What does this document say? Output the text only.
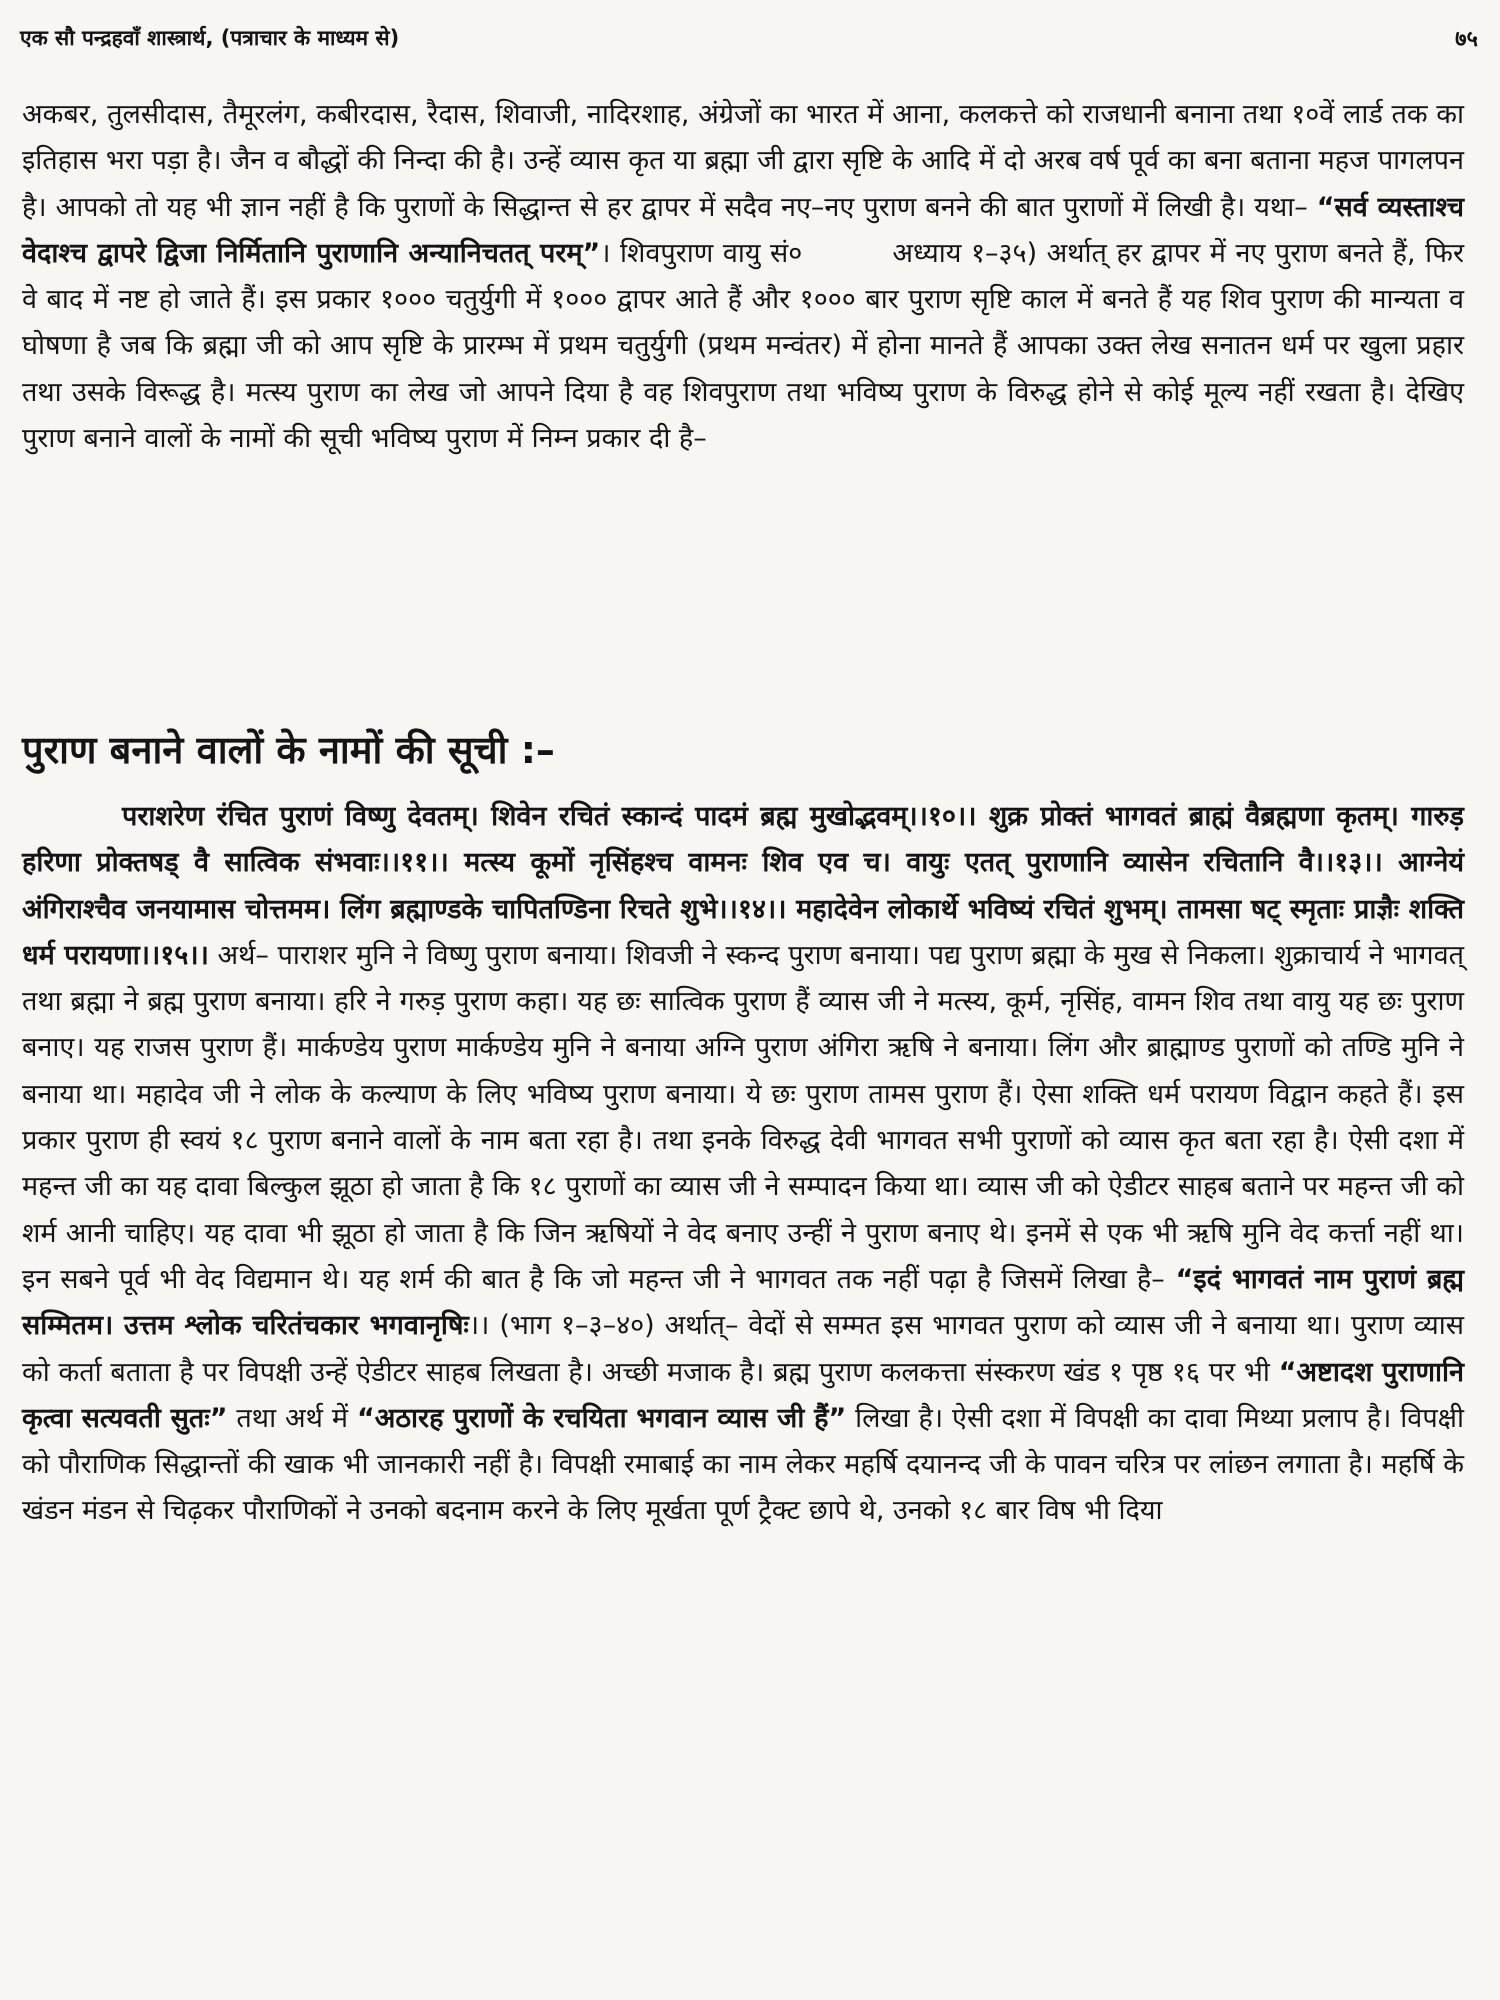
एक सौ पन्द्रहवाँ शास्त्रार्थ, (पत्राचार के माध्यम से)	७५

अकबर, तुलसीदास, तैमूरलंग, कबीरदास, रैदास, शिवाजी, नादिरशाह, अंग्रेजों का भारत में आना, कलकत्ते को राजधानी बनाना तथा १०वें लार्ड तक का इतिहास भरा पड़ा है। जैन व बौद्धों की निन्दा की है। उन्हें व्यास कृत या ब्रह्मा जी द्वारा सृष्टि के आदि में दो अरब वर्ष पूर्व का बना बताना महज पागलपन है। आपको तो यह भी ज्ञान नहीं है कि पुराणों के सिद्धान्त से हर द्वापर में सदैव नए–नए पुराण बनने की बात पुराणों में लिखी है। यथा– “सर्व व्यस्ताश्च वेदाश्च द्वापरे द्विजा निर्मितानि पुराणानि अन्यानिचतत् परम्”। शिवपुराण वायु सं०	अध्याय १–३५) अर्थात् हर द्वापर में नए पुराण बनते हैं, फिर वे बाद में नष्ट हो जाते हैं। इस प्रकार १००० चतुर्युगी में १००० द्वापर आते हैं और १००० बार पुराण सृष्टि काल में बनते हैं यह शिव पुराण की मान्यता व घोषणा है जब कि ब्रह्मा जी को आप सृष्टि के प्रारम्भ में प्रथम चतुर्युगी (प्रथम मन्वंतर) में होना मानते हैं आपका उक्त लेख सनातन धर्म पर खुला प्रहार तथा उसके विरूद्ध है। मत्स्य पुराण का लेख जो आपने दिया है वह शिवपुराण तथा भविष्य पुराण के विरुद्ध होने से कोई मूल्य नहीं रखता है। देखिए पुराण बनाने वालों के नामों की सूची भविष्य पुराण में निम्न प्रकार दी है–

पुराण बनाने वालों के नामों की सूची :–

पराशरेण रंचित पुराणं विष्णु देवतम्। शिवेन रचितं स्कान्दं पादमं ब्रह्म मुखोद्भवम्।।१०।। शुक्र प्रोक्तं भागवतं ब्राह्मं वैब्रह्मणा कृतम्। गारुड़ हरिणा प्रोक्तषड् वै सात्विक संभवाः।।११।। मत्स्य कूमों नृसिंहश्च वामनः शिव एव च। वायुः एतत् पुराणानि व्यासेन रचितानि वै।।१३।। आग्नेयं अंगिराश्चैव जनयामास चोत्तमम। लिंग ब्रह्माण्डके चापितण्डिना रिचते शुभे।।१४।। महादेवेन लोकार्थे भविष्यं रचितं शुभम्। तामसा षट् स्मृताः प्राज्ञैः शक्ति धर्म परायणा।।१५।। अर्थ– पाराशर मुनि ने विष्णु पुराण बनाया। शिवजी ने स्कन्द पुराण बनाया। पद्य पुराण ब्रह्मा के मुख से निकला। शुक्राचार्य ने भागवत् तथा ब्रह्मा ने ब्रह्म पुराण बनाया। हरि ने गरुड़ पुराण कहा। यह छः सात्विक पुराण हैं व्यास जी ने मत्स्य, कूर्म, नृसिंह, वामन शिव तथा वायु यह छः पुराण बनाए। यह राजस पुराण हैं। मार्कण्डेय पुराण मार्कण्डेय मुनि ने बनाया अग्नि पुराण अंगिरा ऋषि ने बनाया। लिंग और ब्राह्माण्ड पुराणों को तण्डि मुनि ने बनाया था। महादेव जी ने लोक के कल्याण के लिए भविष्य पुराण बनाया। ये छः पुराण तामस पुराण हैं। ऐसा शक्ति धर्म परायण विद्वान कहते हैं। इस प्रकार पुराण ही स्वयं १८ पुराण बनाने वालों के नाम बता रहा है। तथा इनके विरुद्ध देवी भागवत सभी पुराणों को व्यास कृत बता रहा है। ऐसी दशा में महन्त जी का यह दावा बिल्कुल झूठा हो जाता है कि १८ पुराणों का व्यास जी ने सम्पादन किया था। व्यास जी को ऐडीटर साहब बताने पर महन्त जी को शर्म आनी चाहिए। यह दावा भी झूठा हो जाता है कि जिन ऋषियों ने वेद बनाए उन्हीं ने पुराण बनाए थे। इनमें से एक भी ऋषि मुनि वेद कर्त्ता नहीं था। इन सबने पूर्व भी वेद विद्यमान थे। यह शर्म की बात है कि जो महन्त जी ने भागवत तक नहीं पढ़ा है जिसमें लिखा है– “इदं भागवतं नाम पुराणं ब्रह्म सम्मितम। उत्तम श्लोक चरितंचकार भगवानृषिः।। (भाग १–३–४०) अर्थात्– वेदों से सम्मत इस भागवत पुराण को व्यास जी ने बनाया था। पुराण व्यास को कर्ता बताता है पर विपक्षी उन्हें ऐडीटर साहब लिखता है। अच्छी मजाक है। ब्रह्म पुराण कलकत्ता संस्करण खंड १ पृष्ठ १६ पर भी “अष्टादश पुराणानि कृत्वा सत्यवती सुतः” तथा अर्थ में “अठारह पुराणों के रचयिता भगवान व्यास जी हैं” लिखा है। ऐसी दशा में विपक्षी का दावा मिथ्या प्रलाप है। विपक्षी को पौराणिक सिद्धान्तों की खाक भी जानकारी नहीं है। विपक्षी रमाबाई का नाम लेकर महर्षि दयानन्द जी के पावन चरित्र पर लांछन लगाता है। महर्षि के खंडन मंडन से चिढ़कर पौराणिकों ने उनको बदनाम करने के लिए मूर्खता पूर्ण ट्रैक्ट छापे थे, उनको १८ बार विष भी दिया
